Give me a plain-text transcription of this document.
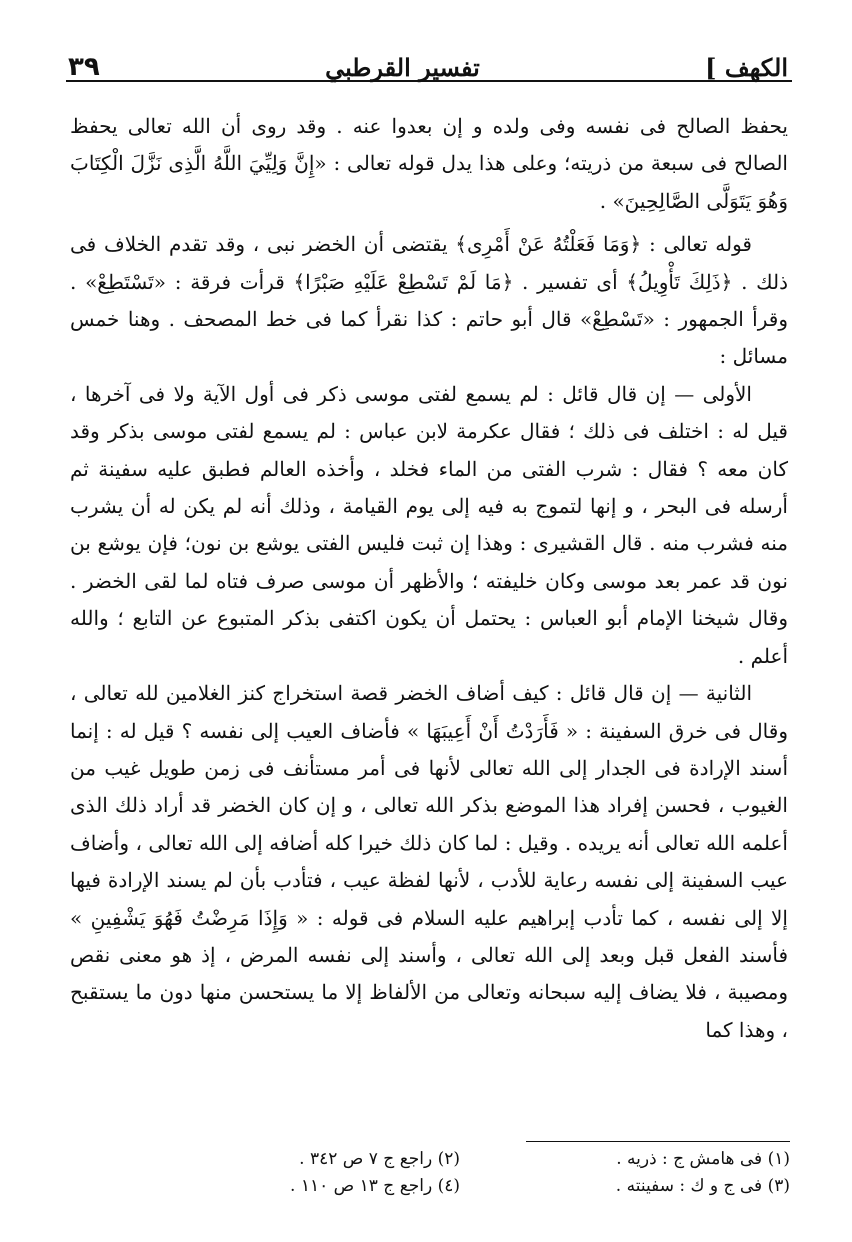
الكهف ]
تفسير القرطبي
٣٩

يحفظ الصالح فى نفسه وفى ولده و إن بعدوا عنه . وقد روى أن الله تعالى يحفظ الصالح فى سبعة من ذريته؛ وعلى هذا يدل قوله تعالى : «إِنَّ وَلِيِّيَ اللَّهُ الَّذِى نَزَّلَ الْكِتَابَ وَهُوَ يَتَوَلَّى الصَّالِحِينَ» .

قوله تعالى : ﴿وَمَا فَعَلْتُهُ عَنْ أَمْرِى﴾ يقتضى أن الخضر نبى ، وقد تقدم الخلاف فى ذلك . ﴿ذَلِكَ تَأْوِيلُ﴾ أى تفسير . ﴿مَا لَمْ تَسْطِعْ عَلَيْهِ صَبْرًا﴾ قرأت فرقة : «تَسْتَطِعْ» . وقرأ الجمهور : «تَسْطِعْ» قال أبو حاتم : كذا نقرأ كما فى خط المصحف . وهنا خمس مسائل :

الأولى — إن قال قائل : لم يسمع لفتى موسى ذكر فى أول الآية ولا فى آخرها ، قيل له : اختلف فى ذلك ؛ فقال عكرمة لابن عباس : لم يسمع لفتى موسى بذكر وقد كان معه ؟ فقال : شرب الفتى من الماء فخلد ، وأخذه العالم فطبق عليه سفينة ثم أرسله فى البحر ، و إنها لتموج به فيه إلى يوم القيامة ، وذلك أنه لم يكن له أن يشرب منه فشرب منه . قال القشيرى : وهذا إن ثبت فليس الفتى يوشع بن نون؛ فإن يوشع بن نون قد عمر بعد موسى وكان خليفته ؛ والأظهر أن موسى صرف فتاه لما لقى الخضر . وقال شيخنا الإمام أبو العباس : يحتمل أن يكون اكتفى بذكر المتبوع عن التابع ؛ والله أعلم .

الثانية — إن قال قائل : كيف أضاف الخضر قصة استخراج كنز الغلامين لله تعالى ، وقال فى خرق السفينة : « فَأَرَدْتُ أَنْ أَعِيبَهَا » فأضاف العيب إلى نفسه ؟ قيل له : إنما أسند الإرادة فى الجدار إلى الله تعالى لأنها فى أمر مستأنف فى زمن طويل غيب من الغيوب ، فحسن إفراد هذا الموضع بذكر الله تعالى ، و إن كان الخضر قد أراد ذلك الذى أعلمه الله تعالى أنه يريده . وقيل : لما كان ذلك خيرا كله أضافه إلى الله تعالى ، وأضاف عيب السفينة إلى نفسه رعاية للأدب ، لأنها لفظة عيب ، فتأدب بأن لم يسند الإرادة فيها إلا إلى نفسه ، كما تأدب إبراهيم عليه السلام فى قوله : « وَإِذَا مَرِضْتُ فَهُوَ يَشْفِينِ » فأسند الفعل قبل وبعد إلى الله تعالى ، وأسند إلى نفسه المرض ، إذ هو معنى نقص ومصيبة ، فلا يضاف إليه سبحانه وتعالى من الألفاظ إلا ما يستحسن منها دون ما يستقبح ، وهذا كما

(١) فى هامش ج : ذريه .
(٢) راجع ج ٧ ص ٣٤٢ .
(٣) فى ج و ك : سفينته .
(٤) راجع ج ١٣ ص ١١٠ .
